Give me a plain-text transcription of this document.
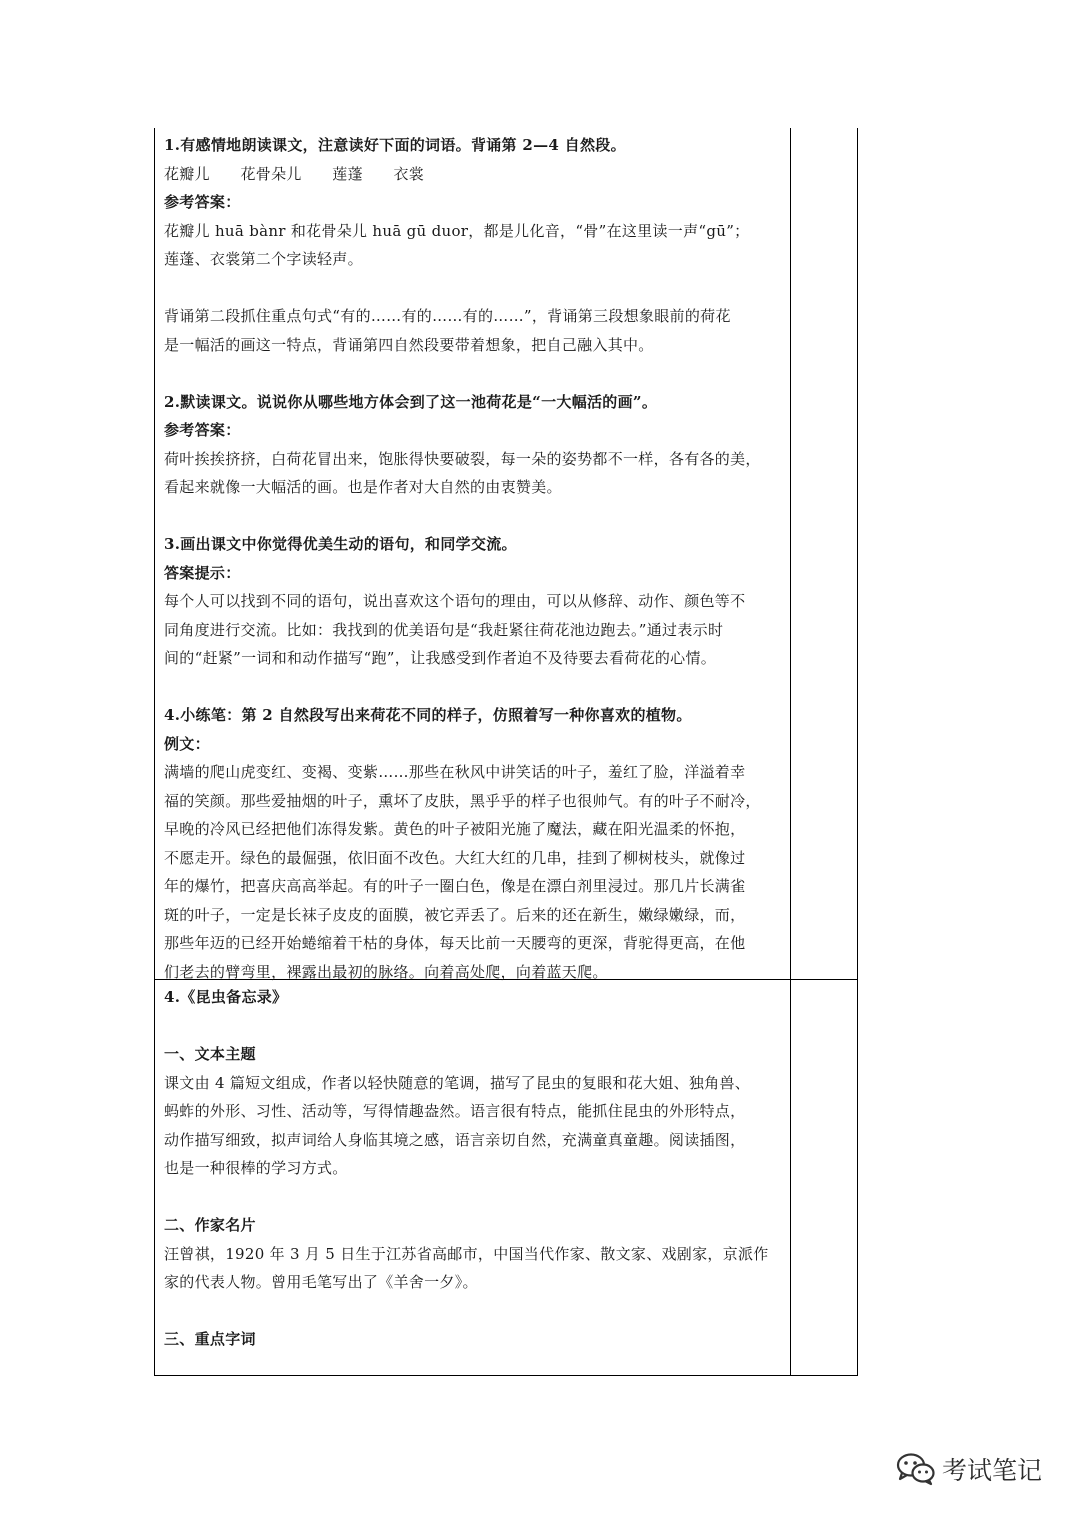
1.有感情地朗读课文，注意读好下面的词语。背诵第 2—4 自然段。

花瓣儿　　花骨朵儿　　莲蓬　　衣裳

参考答案：

花瓣儿 huā bànr 和花骨朵儿 huā gū duor，都是儿化音，“骨”在这里读一声“gū”；

莲蓬、衣裳第二个字读轻声。

背诵第二段抓住重点句式“有的……有的……有的……”，背诵第三段想象眼前的荷花

是一幅活的画这一特点，背诵第四自然段要带着想象，把自己融入其中。

2.默读课文。说说你从哪些地方体会到了这一池荷花是“一大幅活的画”。

参考答案：

荷叶挨挨挤挤，白荷花冒出来，饱胀得快要破裂，每一朵的姿势都不一样，各有各的美，

看起来就像一大幅活的画。也是作者对大自然的由衷赞美。

3.画出课文中你觉得优美生动的语句，和同学交流。

答案提示：

每个人可以找到不同的语句，说出喜欢这个语句的理由，可以从修辞、动作、颜色等不

同角度进行交流。比如：我找到的优美语句是“我赶紧往荷花池边跑去。”通过表示时

间的“赶紧”一词和和动作描写“跑”，让我感受到作者迫不及待要去看荷花的心情。

4.小练笔：第 2 自然段写出来荷花不同的样子，仿照着写一种你喜欢的植物。

例文：

满墙的爬山虎变红、变褐、变紫……那些在秋风中讲笑话的叶子，羞红了脸，洋溢着幸

福的笑颜。那些爱抽烟的叶子，熏坏了皮肤，黑乎乎的样子也很帅气。有的叶子不耐冷，

早晚的冷风已经把他们冻得发紫。黄色的叶子被阳光施了魔法，藏在阳光温柔的怀抱，

不愿走开。绿色的最倔强，依旧面不改色。大红大红的几串，挂到了柳树枝头，就像过

年的爆竹，把喜庆高高举起。有的叶子一圈白色，像是在漂白剂里浸过。那几片长满雀

斑的叶子，一定是长袜子皮皮的面膜，被它弄丢了。后来的还在新生，嫩绿嫩绿，而，

那些年迈的已经开始蜷缩着干枯的身体，每天比前一天腰弯的更深，背驼得更高，在他

们老去的臂弯里，裸露出最初的脉络。向着高处爬，向着蓝天爬。

4.《昆虫备忘录》

一、文本主题

课文由 4 篇短文组成，作者以轻快随意的笔调，描写了昆虫的复眼和花大姐、独角兽、

蚂蚱的外形、习性、活动等，写得情趣盎然。语言很有特点，能抓住昆虫的外形特点，

动作描写细致，拟声词给人身临其境之感，语言亲切自然，充满童真童趣。阅读插图，

也是一种很棒的学习方式。

二、作家名片

汪曾祺，1920 年 3 月 5 日生于江苏省高邮市，中国当代作家、散文家、戏剧家，京派作

家的代表人物。曾用毛笔写出了《羊舍一夕》。

三、重点字词

考试笔记
